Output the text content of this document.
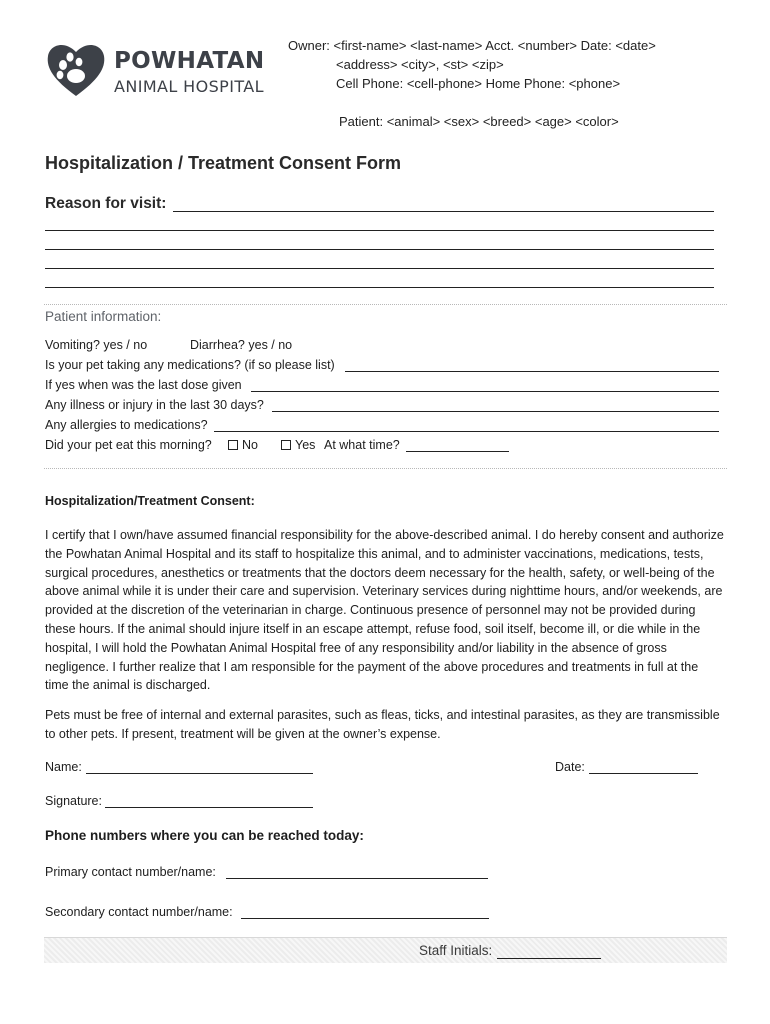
POWHATAN
ANIMAL HOSPITAL
Owner: <first-name> <last-name> Acct. <number> Date: <date>
<address> <city>, <st> <zip>
Cell Phone: <cell-phone> Home Phone: <phone>
Patient: <animal> <sex> <breed> <age> <color>
Hospitalization / Treatment Consent Form
Reason for visit:
Patient information:
Vomiting? yes / no	Diarrhea? yes / no
Is your pet taking any medications? (if so please list)
If yes when was the last dose given
Any illness or injury in the last 30 days?
Any allergies to medications?
Did your pet eat this morning?	No	Yes At what time?
Hospitalization/Treatment Consent:

I certify that I own/have assumed financial responsibility for the above-described animal. I do hereby consent and authorize the Powhatan Animal Hospital and its staff to hospitalize this animal, and to administer vaccinations, medications, tests, surgical procedures, anesthetics or treatments that the doctors deem necessary for the health, safety, or well-being of the above animal while it is under their care and supervision. Veterinary services during nighttime hours, and/or weekends, are provided at the discretion of the veterinarian in charge. Continuous presence of personnel may not be provided during these hours. If the animal should injure itself in an escape attempt, refuse food, soil itself, become ill, or die while in the hospital, I will hold the Powhatan Animal Hospital free of any responsibility and/or liability in the absence of gross negligence. I further realize that I am responsible for the payment of the above procedures and treatments in full at the time the animal is discharged.

Pets must be free of internal and external parasites, such as fleas, ticks, and intestinal parasites, as they are transmissible to other pets. If present, treatment will be given at the owner’s expense.

Name:	Date:
Signature:
Phone numbers where you can be reached today:
Primary contact number/name:
Secondary contact number/name:
Staff Initials:
